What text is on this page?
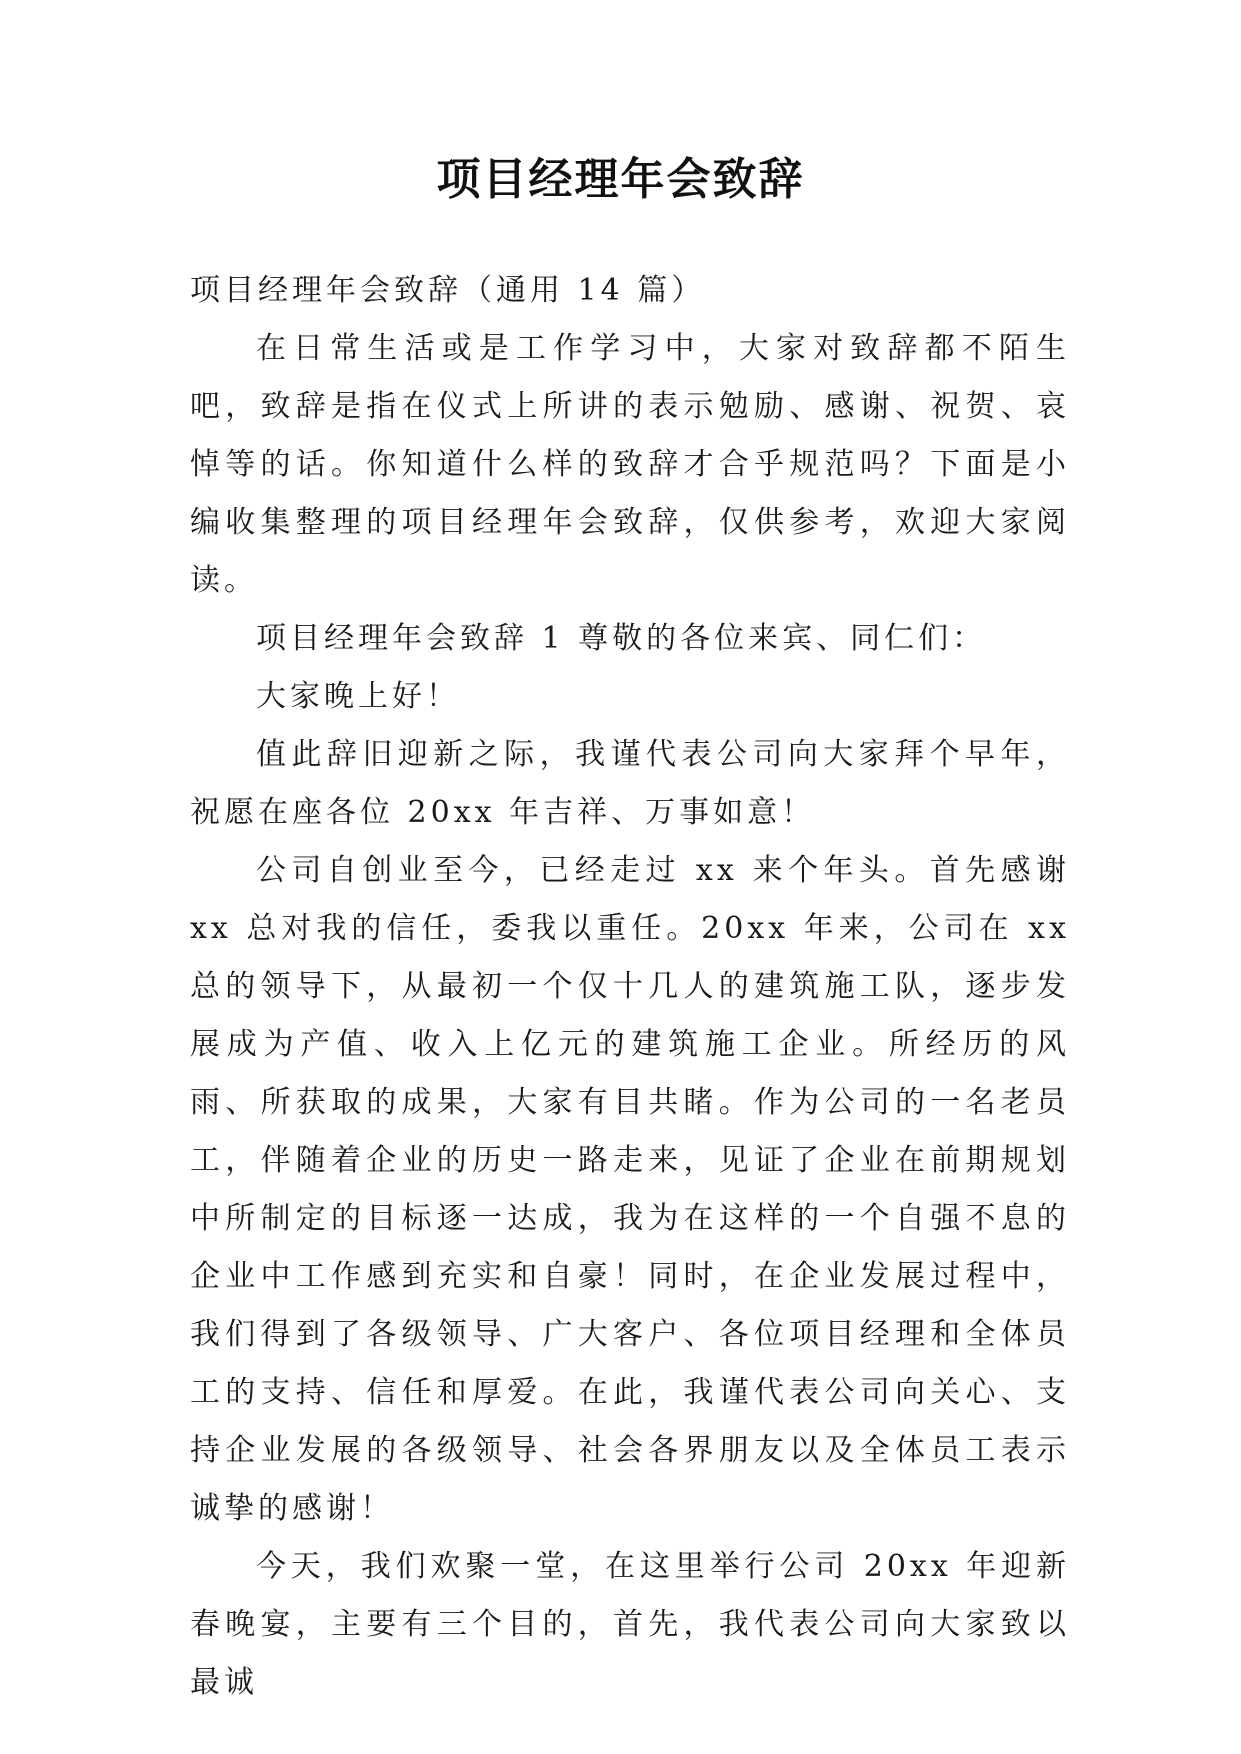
项目经理年会致辞

项目经理年会致辞（通用 14 篇）

在日常生活或是工作学习中，大家对致辞都不陌生吧，致辞是指在仪式上所讲的表示勉励、感谢、祝贺、哀悼等的话。你知道什么样的致辞才合乎规范吗？下面是小编收集整理的项目经理年会致辞，仅供参考，欢迎大家阅读。

项目经理年会致辞 1 尊敬的各位来宾、同仁们：

大家晚上好！

值此辞旧迎新之际，我谨代表公司向大家拜个早年，祝愿在座各位 20xx 年吉祥、万事如意！

公司自创业至今，已经走过 xx 来个年头。首先感谢 xx 总对我的信任，委我以重任。20xx 年来，公司在 xx 总的领导下，从最初一个仅十几人的建筑施工队，逐步发展成为产值、收入上亿元的建筑施工企业。所经历的风雨、所获取的成果，大家有目共睹。作为公司的一名老员工，伴随着企业的历史一路走来，见证了企业在前期规划中所制定的目标逐一达成，我为在这样的一个自强不息的企业中工作感到充实和自豪！同时，在企业发展过程中，我们得到了各级领导、广大客户、各位项目经理和全体员工的支持、信任和厚爱。在此，我谨代表公司向关心、支持企业发展的各级领导、社会各界朋友以及全体员工表示诚挚的感谢！

今天，我们欢聚一堂，在这里举行公司 20xx 年迎新春晚宴，主要有三个目的，首先，我代表公司向大家致以最诚
